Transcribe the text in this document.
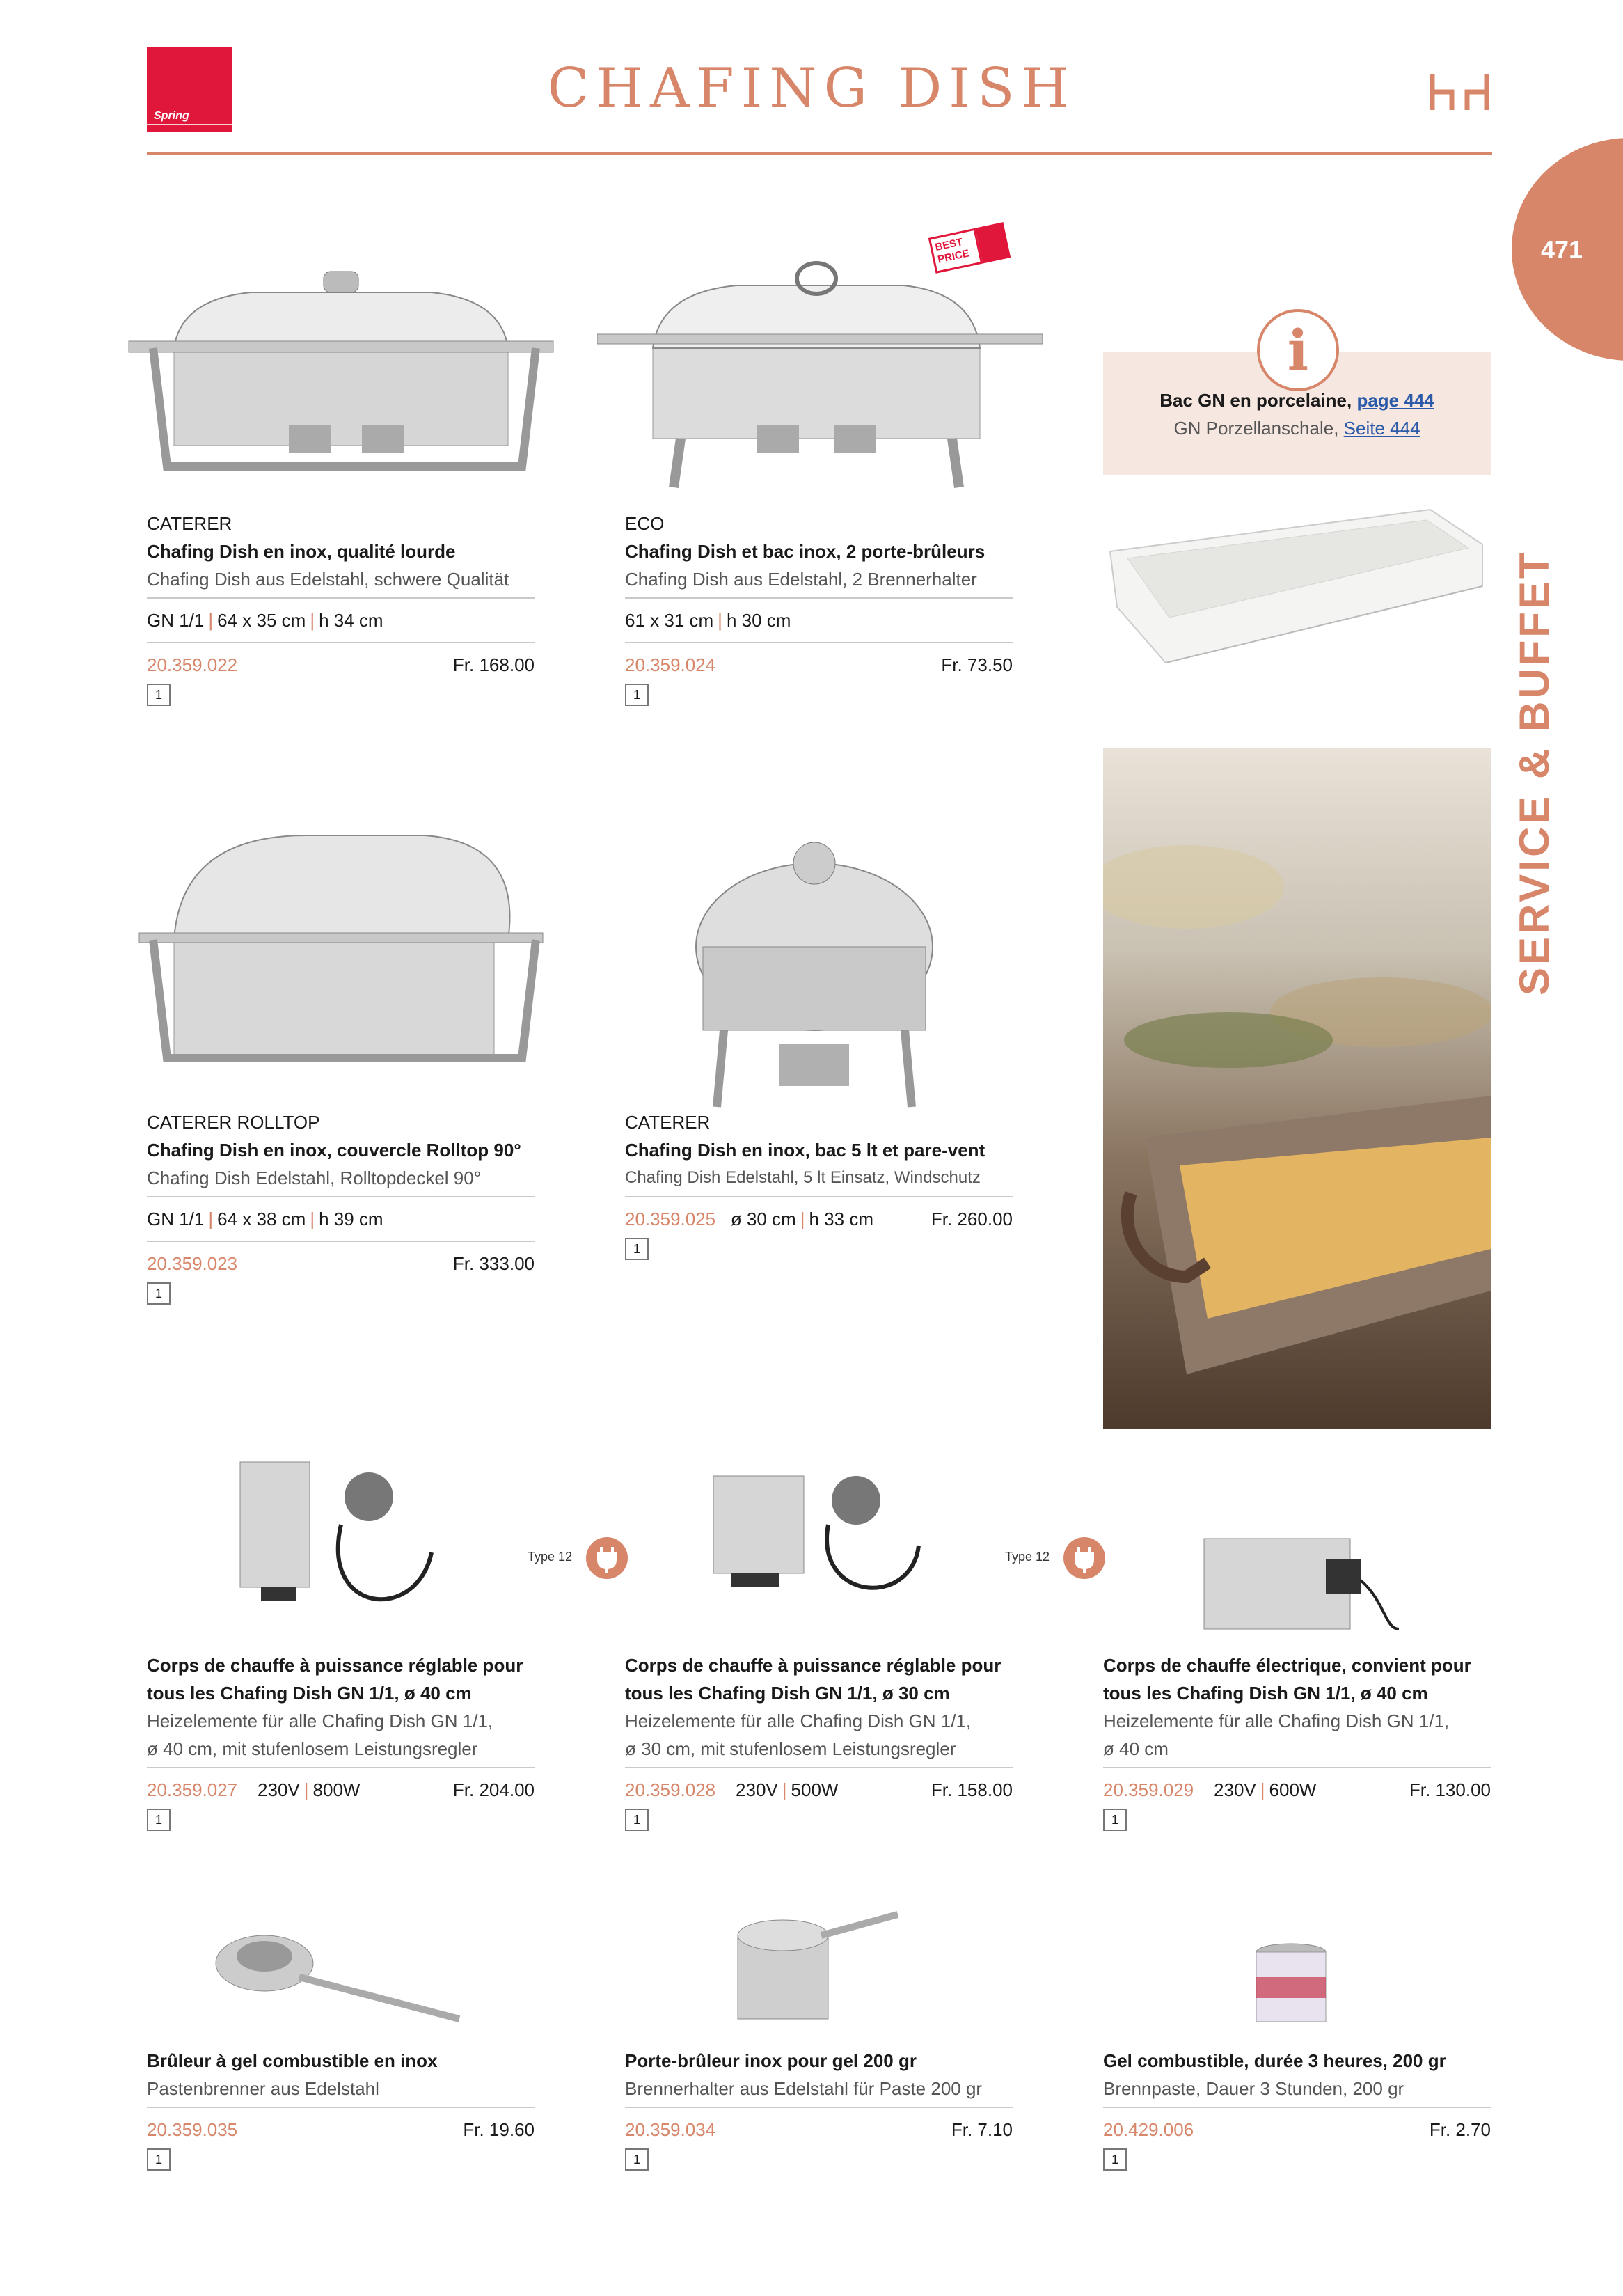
Spring	CHAFING DISH
471
SERVICE & BUFFET
i
Bac GN en porcelaine, page 444
GN Porzellanschale, Seite 444
BEST PRICE
Type 12	Type 12

CATERER

Chafing Dish en inox, qualité lourde

Chafing Dish aus Edelstahl, schwere Qualität

GN 1/1 | 64 x 35 cm | h 34 cm
20.359.022	Fr. 168.00
1

ECO

Chafing Dish et bac inox, 2 porte-brûleurs

Chafing Dish aus Edelstahl, 2 Brennerhalter

61 x 31 cm | h 30 cm
20.359.024	Fr. 73.50
1

CATERER ROLLTOP

Chafing Dish en inox, couvercle Rolltop 90°

Chafing Dish Edelstahl, Rolltopdeckel 90°

GN 1/1 | 64 x 38 cm | h 39 cm
20.359.023	Fr. 333.00
1

CATERER

Chafing Dish en inox, bac 5 lt et pare-vent

Chafing Dish Edelstahl, 5 lt Einsatz, Windschutz

20.359.025 ø 30 cm | h 33 cm	Fr. 260.00
1

Corps de chauffe à puissance réglable pour

tous les Chafing Dish GN 1/1, ø 40 cm

Heizelemente für alle Chafing Dish GN 1/1,

ø 40 cm, mit stufenlosem Leistungsregler

20.359.027 230V | 800W	Fr. 204.00
1

Corps de chauffe à puissance réglable pour

tous les Chafing Dish GN 1/1, ø 30 cm

Heizelemente für alle Chafing Dish GN 1/1,

ø 30 cm, mit stufenlosem Leistungsregler

20.359.028 230V | 500W	Fr. 158.00
1

Corps de chauffe électrique, convient pour

tous les Chafing Dish GN 1/1, ø 40 cm

Heizelemente für alle Chafing Dish GN 1/1,

ø 40 cm

20.359.029 230V | 600W	Fr. 130.00
1

Brûleur à gel combustible en inox

Pastenbrenner aus Edelstahl

20.359.035	Fr. 19.60
1

Porte-brûleur inox pour gel 200 gr

Brennerhalter aus Edelstahl für Paste 200 gr

20.359.034	Fr. 7.10
1

Gel combustible, durée 3 heures, 200 gr

Brennpaste, Dauer 3 Stunden, 200 gr

20.429.006	Fr. 2.70
1
